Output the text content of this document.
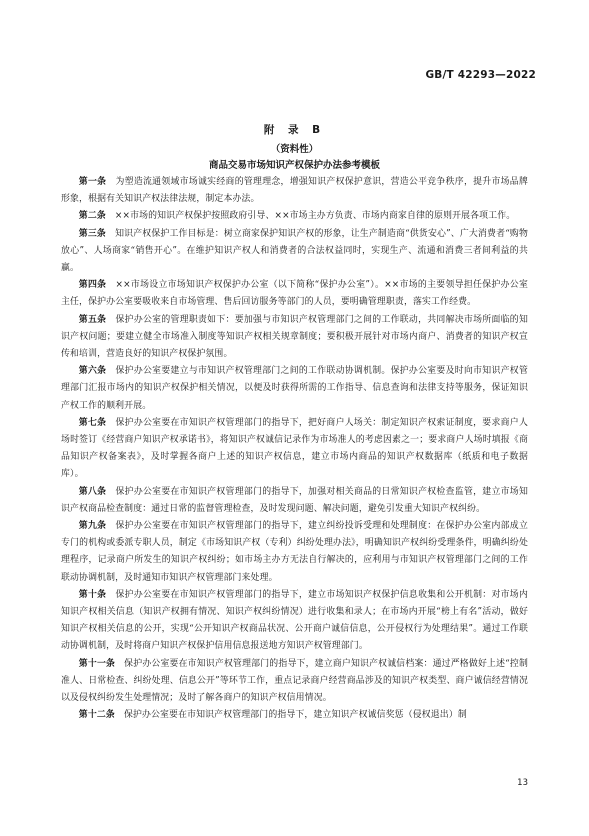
GB/T 42293—2022
附 录 B
（资料性）
商品交易市场知识产权保护办法参考模板

第一条　 为塑造流通领域市场诚实经商的管理理念，增强知识产权保护意识，营造公平竞争秩序，提升市场品牌形象，根据有关知识产权法律法规，制定本办法。

第二条　 ××市场的知识产权保护按照政府引导、××市场主办方负责、市场内商家自律的原则开展各项工作。

第三条　 知识产权保护工作目标是：树立商家保护知识产权的形象，让生产制造商“供货安心”、广大消费者“购物放心”、人场商家“销售开心”。在维护知识产权人和消费者的合法权益同时，实现生产、流通和消费三者间利益的共赢。

第四条　 ××市场设立市场知识产权保护办公室（以下简称“保护办公室”）。××市场的主要领导担任保护办公室主任，保护办公室要吸收来自市场管理、售后回访服务等部门的人员，要明确管理职责，落实工作经费。

第五条　 保护办公室的管理职责如下：要加强与市知识产权管理部门之间的工作联动，共同解决市场所面临的知识产权问题；要建立健全市场准入制度等知识产权相关规章制度；要积极开展针对市场内商户、消费者的知识产权宣传和培训，营造良好的知识产权保护氛围。

第六条　 保护办公室要建立与市知识产权管理部门之间的工作联动协调机制。保护办公室要及时向市知识产权管理部门汇报市场内的知识产权保护相关情况，以便及时获得所需的工作指导、信息查询和法律支持等服务，保证知识产权工作的顺利开展。

第七条　 保护办公室要在市知识产权管理部门的指导下，把好商户人场关：制定知识产权索证制度，要求商户人场时签订《经营商户知识产权承诺书》，将知识产权诚信记录作为市场准人的考虑因素之一；要求商户人场时填报《商品知识产权备案表》，及时掌握各商户上述的知识产权信息，建立市场内商品的知识产权数据库（纸质和电子数据库）。

第八条　 保护办公室要在市知识产权管理部门的指导下，加强对相关商品的日常知识产权检查监管，建立市场知识产权商品检查制度：通过日常的监督管理检查，及时发现问题、解决问题，避免引发重大知识产权纠纷。

第九条　 保护办公室要在市知识产权管理部门的指导下，建立纠纷投诉受理和处理制度：在保护办公室内部成立专门的机构或委派专职人员，制定《市场知识产权（专利）纠纷处理办法》，明确知识产权纠纷受理条件，明确纠纷处理程序，记录商户所发生的知识产权纠纷；如市场主办方无法自行解决的，应利用与市知识产权管理部门之间的工作联动协调机制，及时通知市知识产权管理部门来处理。

第十条　 保护办公室要在市知识产权管理部门的指导下，建立市场知识产权保护信息收集和公开机制：对市场内知识产权相关信息（知识产权拥有情况、知识产权纠纷情况）进行收集和录人；在市场内开展“榜上有名”活动，做好知识产权相关信息的公开，实现“公开知识产权商品状况、公开商户诚信信息，公开侵权行为处理结果”。通过工作联动协调机制，及时将商户知识产权保护信用信息报送地方知识产权管理部门。

第十一条　 保护办公室要在市知识产权管理部门的指导下，建立商户知识产权诚信档案：通过严格做好上述“控制准人、日常检查、纠纷处理、信息公开”等环节工作，重点记录商户经营商品涉及的知识产权类型、商户诚信经营情况以及侵权纠纷发生处理情况；及时了解各商户的知识产权信用情况。

第十二条　 保护办公室要在市知识产权管理部门的指导下，建立知识产权诚信奖惩（侵权退出）制

13
